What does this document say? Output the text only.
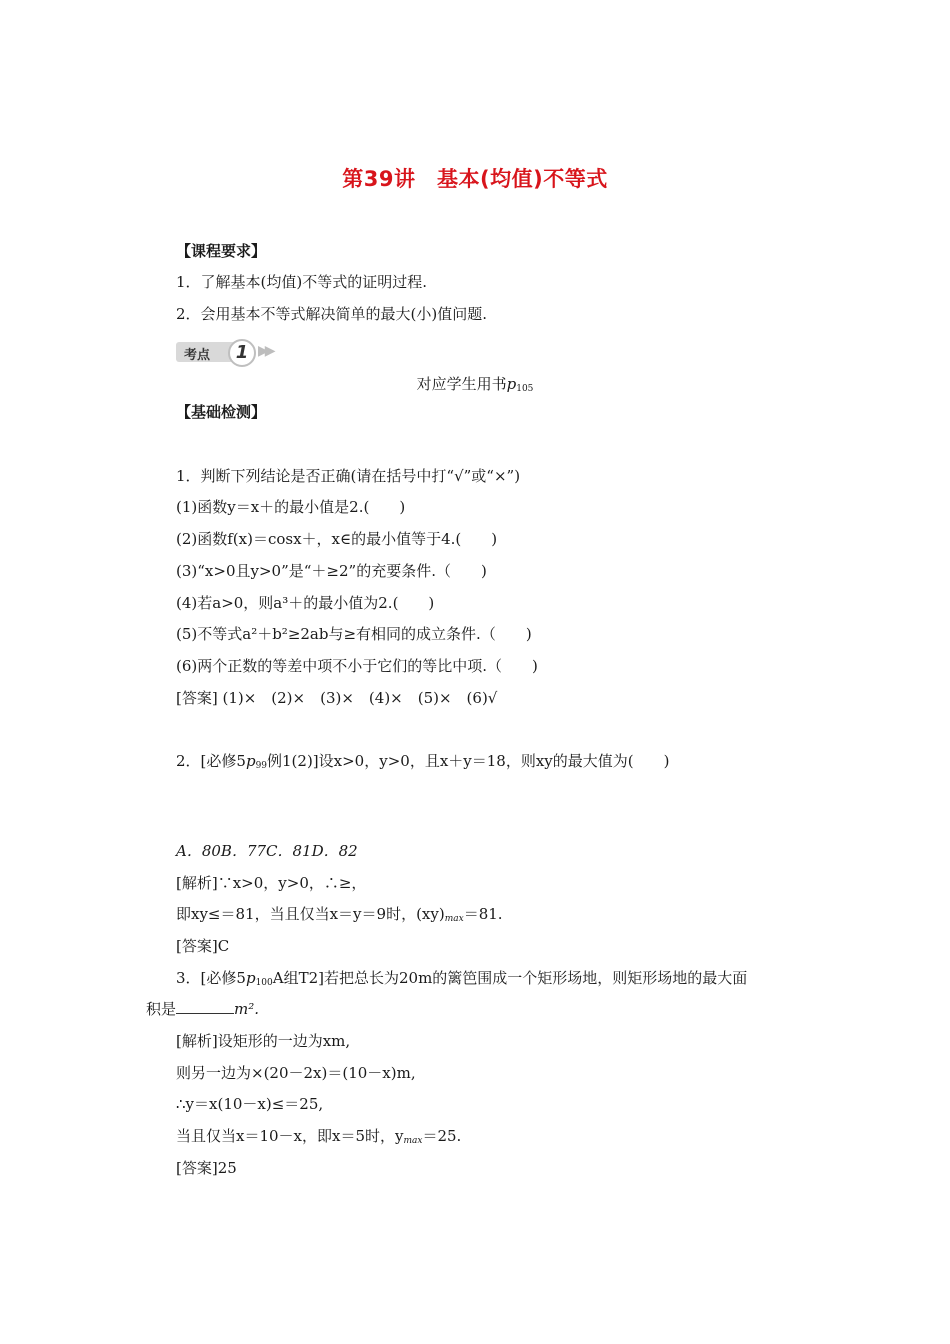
第39讲　基本(均值)不等式
【课程要求】
1．了解基本(均值)不等式的证明过程.
2．会用基本不等式解决简单的最大(小)值问题.
考点	1 ▶▶
对应学生用书$p_{105}$
【基础检测】
1．判断下列结论是否正确(请在括号中打“√”或“×”)
(1)函数y＝x＋的最小值是2.(　　)
(2)函数f(x)＝cosx＋，x∈的最小值等于4.(　　)
(3)“x>0且y>0”是“＋≥2”的充要条件.（　　)
(4)若a>0，则a³＋的最小值为2.(　　)
(5)不等式a²＋b²≥2ab与≥有相同的成立条件.（　　)
(6)两个正数的等差中项不小于它们的等比中项.（　　)
[答案] (1)×　(2)×　(3)×　(4)×　(5)×　(6)√
2．[必修$5p_{99}$例1(2)]设x>0，y>0，且x＋y＝18，则xy的最大值为(　　)
A．80B．77C．81D．82
[解析]∵x>0，y>0，∴≥，
即xy≤＝81，当且仅当x＝y＝9时，$(xy)_{max}=81$.
[答案]C
3．[必修$5p_{100}A$组T2]若把总长为20m的篱笆围成一个矩形场地，则矩形场地的最大面
积是	m².
[解析]设矩形的一边为xm,
则另一边为×(20－2x)＝(10－x)m,
∴y＝x(10－x)≤＝25,
当且仅当x＝10－x，即x＝5时，$y_{max}=25$.
[答案]25
